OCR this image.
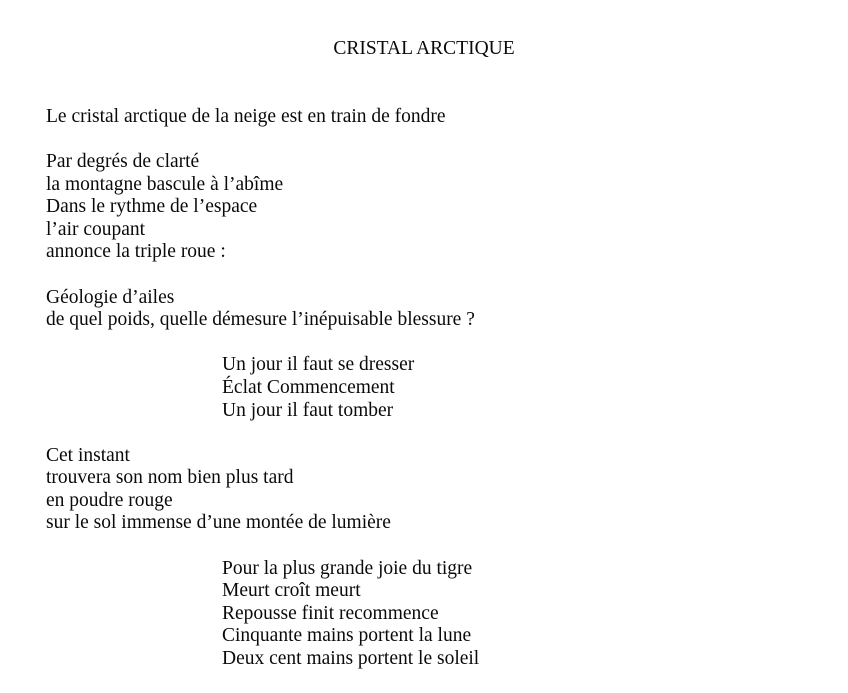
CRISTAL ARCTIQUE
Le cristal arctique de la neige est en train de fondre
Par degrés de clarté
la montagne bascule à l’abîme
Dans le rythme de l’espace
l’air coupant
annonce la triple roue :
Géologie d’ailes
de quel poids, quelle démesure l’inépuisable blessure ?
Un jour il faut se dresser
Éclat Commencement
Un jour il faut tomber
Cet instant
trouvera son nom bien plus tard
en poudre rouge
sur le sol immense d’une montée de lumière
Pour la plus grande joie du tigre
Meurt croît meurt
Repousse finit recommence
Cinquante mains portent la lune
Deux cent mains portent le soleil
